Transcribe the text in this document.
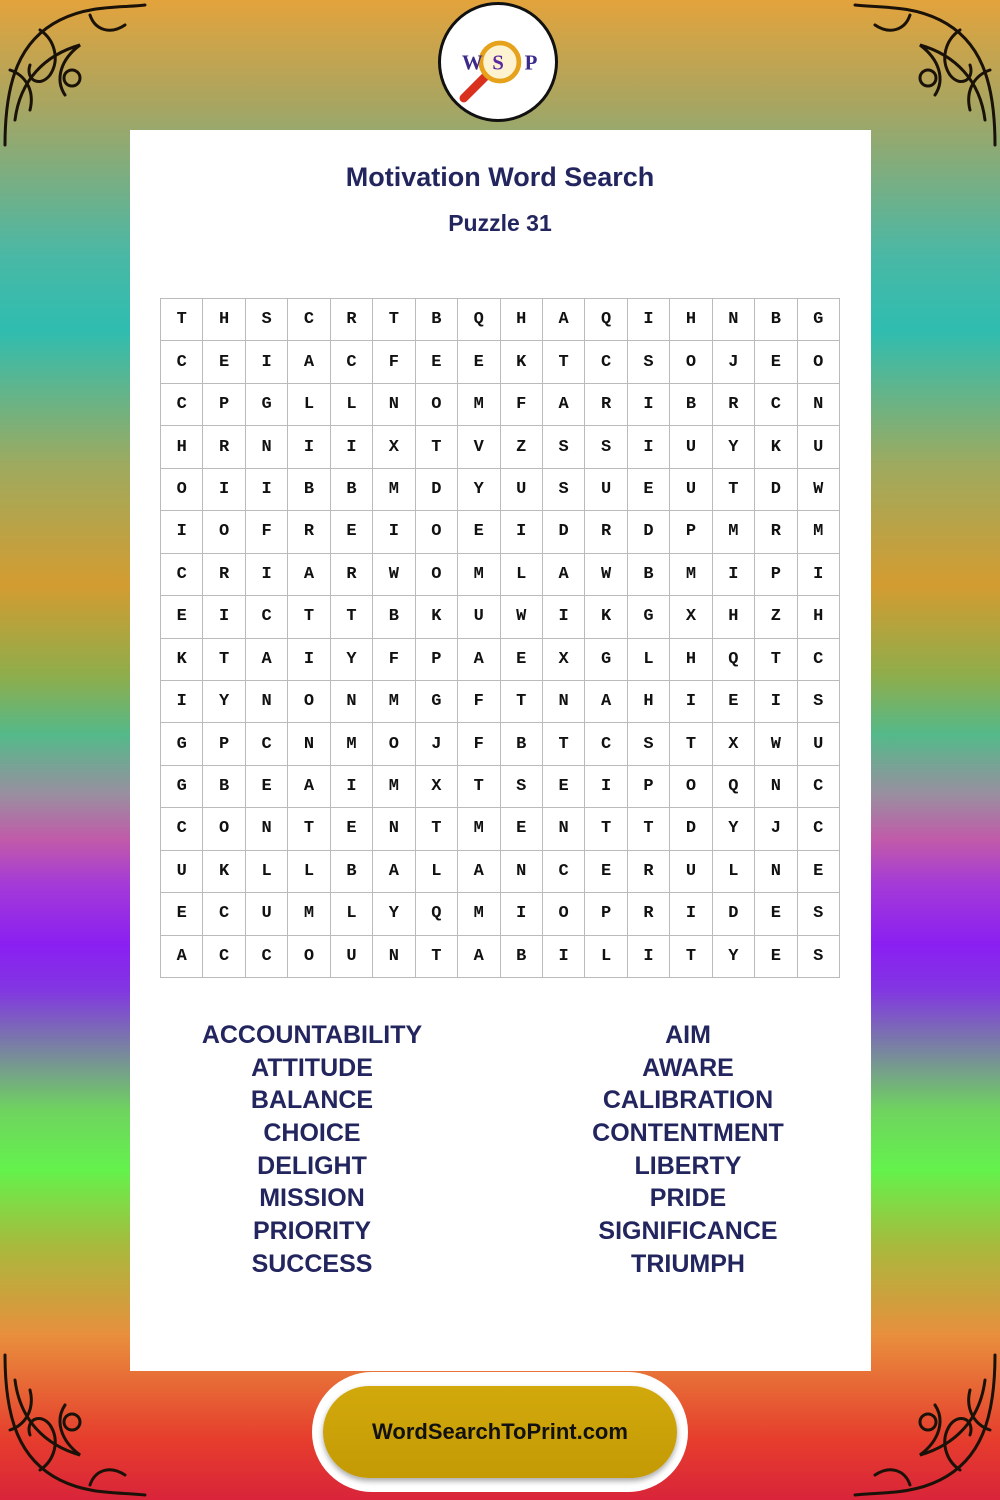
W S P
Motivation Word Search
Puzzle 31
T	H	S	C	R	T	B	Q	H	A	Q	I	H	N	B	G
C	E	I	A	C	F	E	E	K	T	C	S	O	J	E	O
C	P	G	L	L	N	O	M	F	A	R	I	B	R	C	N
H	R	N	I	I	X	T	V	Z	S	S	I	U	Y	K	U
O	I	I	B	B	M	D	Y	U	S	U	E	U	T	D	W
I	O	F	R	E	I	O	E	I	D	R	D	P	M	R	M
C	R	I	A	R	W	O	M	L	A	W	B	M	I	P	I
E	I	C	T	T	B	K	U	W	I	K	G	X	H	Z	H
K	T	A	I	Y	F	P	A	E	X	G	L	H	Q	T	C
I	Y	N	O	N	M	G	F	T	N	A	H	I	E	I	S
G	P	C	N	M	O	J	F	B	T	C	S	T	X	W	U
G	B	E	A	I	M	X	T	S	E	I	P	O	Q	N	C
C	O	N	T	E	N	T	M	E	N	T	T	D	Y	J	C
U	K	L	L	B	A	L	A	N	C	E	R	U	L	N	E
E	C	U	M	L	Y	Q	M	I	O	P	R	I	D	E	S
A	C	C	O	U	N	T	A	B	I	L	I	T	Y	E	S
ACCOUNTABILITY
ATTITUDE
BALANCE
CHOICE
DELIGHT
MISSION
PRIORITY
SUCCESS
AIM
AWARE
CALIBRATION
CONTENTMENT
LIBERTY
PRIDE
SIGNIFICANCE
TRIUMPH
WordSearchToPrint.com
